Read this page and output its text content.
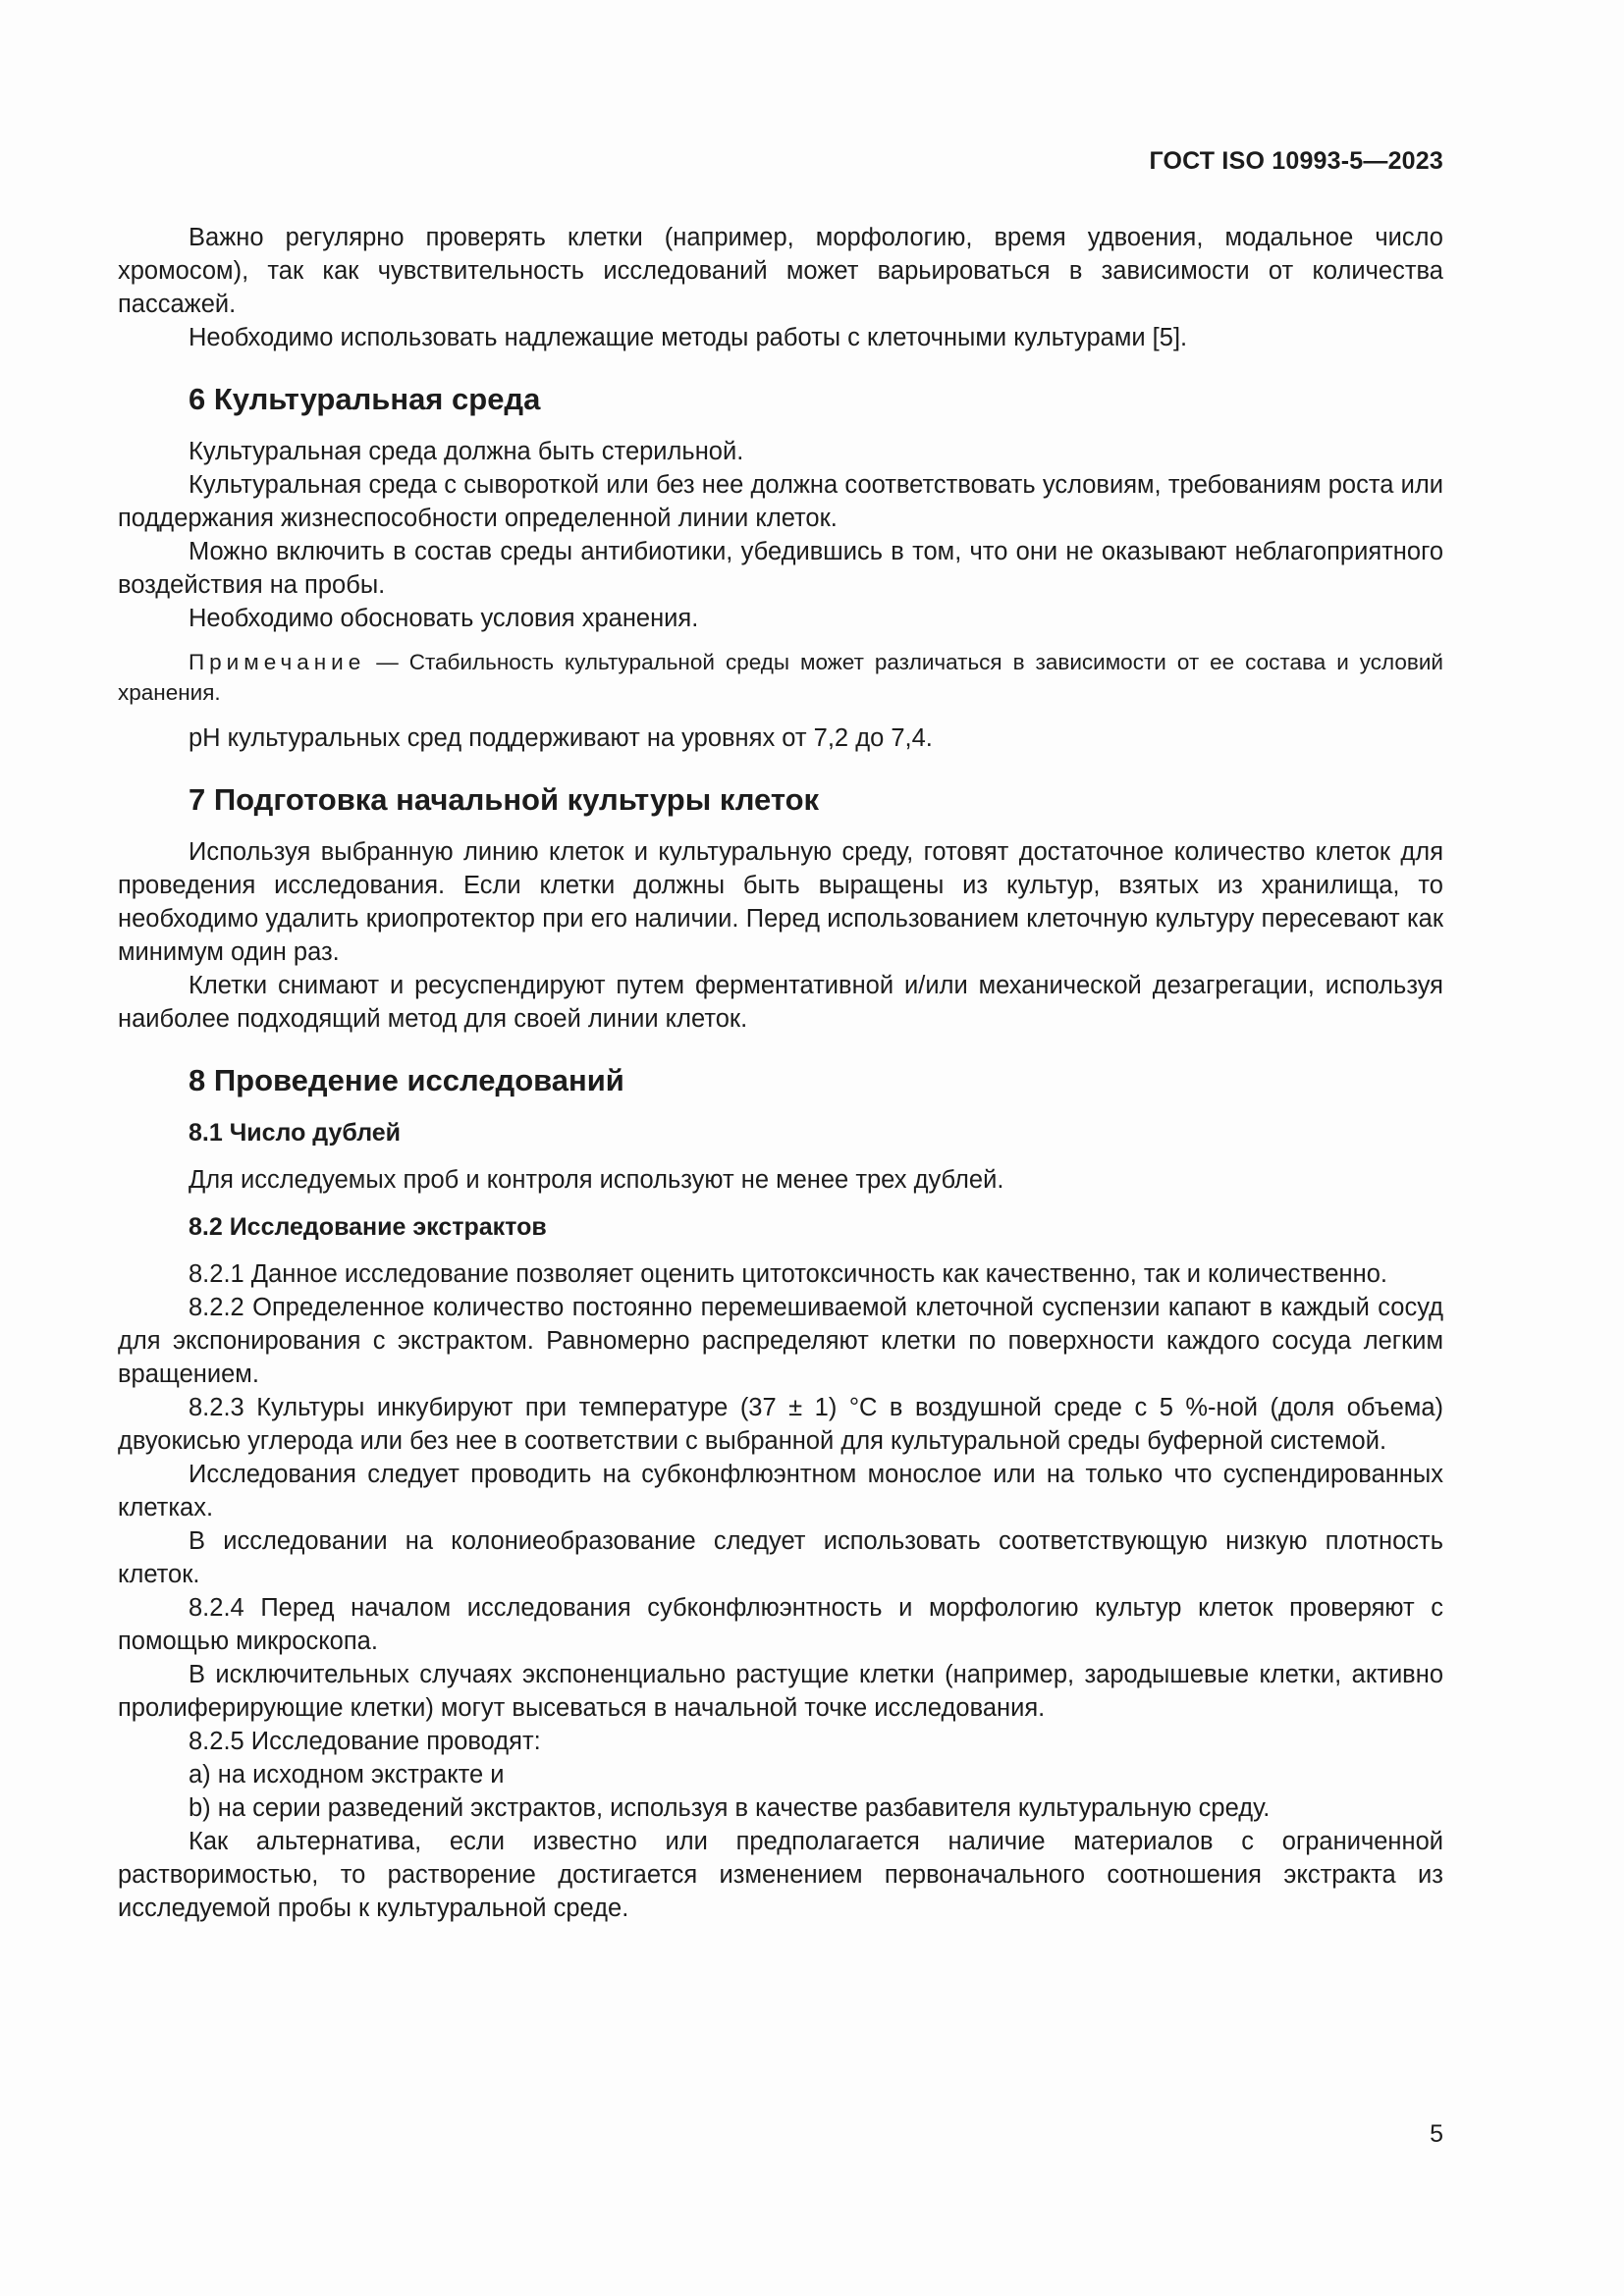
ГОСТ ISO 10993-5—2023

Важно регулярно проверять клетки (например, морфологию, время удвоения, модальное число хромосом), так как чувствительность исследований может варьироваться в зависимости от количества пассажей.

Необходимо использовать надлежащие методы работы с клеточными культурами [5].

6 Культуральная среда

Культуральная среда должна быть стерильной.

Культуральная среда с сывороткой или без нее должна соответствовать условиям, требованиям роста или поддержания жизнеспособности определенной линии клеток.

Можно включить в состав среды антибиотики, убедившись в том, что они не оказывают неблагоприятного воздействия на пробы.

Необходимо обосновать условия хранения.

Примечание — Стабильность культуральной среды может различаться в зависимости от ее состава и условий хранения.

pH культуральных сред поддерживают на уровнях от 7,2 до 7,4.

7 Подготовка начальной культуры клеток

Используя выбранную линию клеток и культуральную среду, готовят достаточное количество клеток для проведения исследования. Если клетки должны быть выращены из культур, взятых из хранилища, то необходимо удалить криопротектор при его наличии. Перед использованием клеточную культуру пересевают как минимум один раз.

Клетки снимают и ресуспендируют путем ферментативной и/или механической дезагрегации, используя наиболее подходящий метод для своей линии клеток.

8 Проведение исследований
8.1 Число дублей

Для исследуемых проб и контроля используют не менее трех дублей.

8.2 Исследование экстрактов

8.2.1 Данное исследование позволяет оценить цитотоксичность как качественно, так и количественно.

8.2.2 Определенное количество постоянно перемешиваемой клеточной суспензии капают в каждый сосуд для экспонирования с экстрактом. Равномерно распределяют клетки по поверхности каждого сосуда легким вращением.

8.2.3 Культуры инкубируют при температуре (37 ± 1) °С в воздушной среде с 5 %-ной (доля объема) двуокисью углерода или без нее в соответствии с выбранной для культуральной среды буферной системой.

Исследования следует проводить на субконфлюэнтном монослое или на только что суспендированных клетках.

В исследовании на колониеобразование следует использовать соответствующую низкую плотность клеток.

8.2.4 Перед началом исследования субконфлюэнтность и морфологию культур клеток проверяют с помощью микроскопа.

В исключительных случаях экспоненциально растущие клетки (например, зародышевые клетки, активно пролиферирующие клетки) могут высеваться в начальной точке исследования.

8.2.5 Исследование проводят:

a) на исходном экстракте и

b) на серии разведений экстрактов, используя в качестве разбавителя культуральную среду.

Как альтернатива, если известно или предполагается наличие материалов с ограниченной растворимостью, то растворение достигается изменением первоначального соотношения экстракта из исследуемой пробы к культуральной среде.

5
